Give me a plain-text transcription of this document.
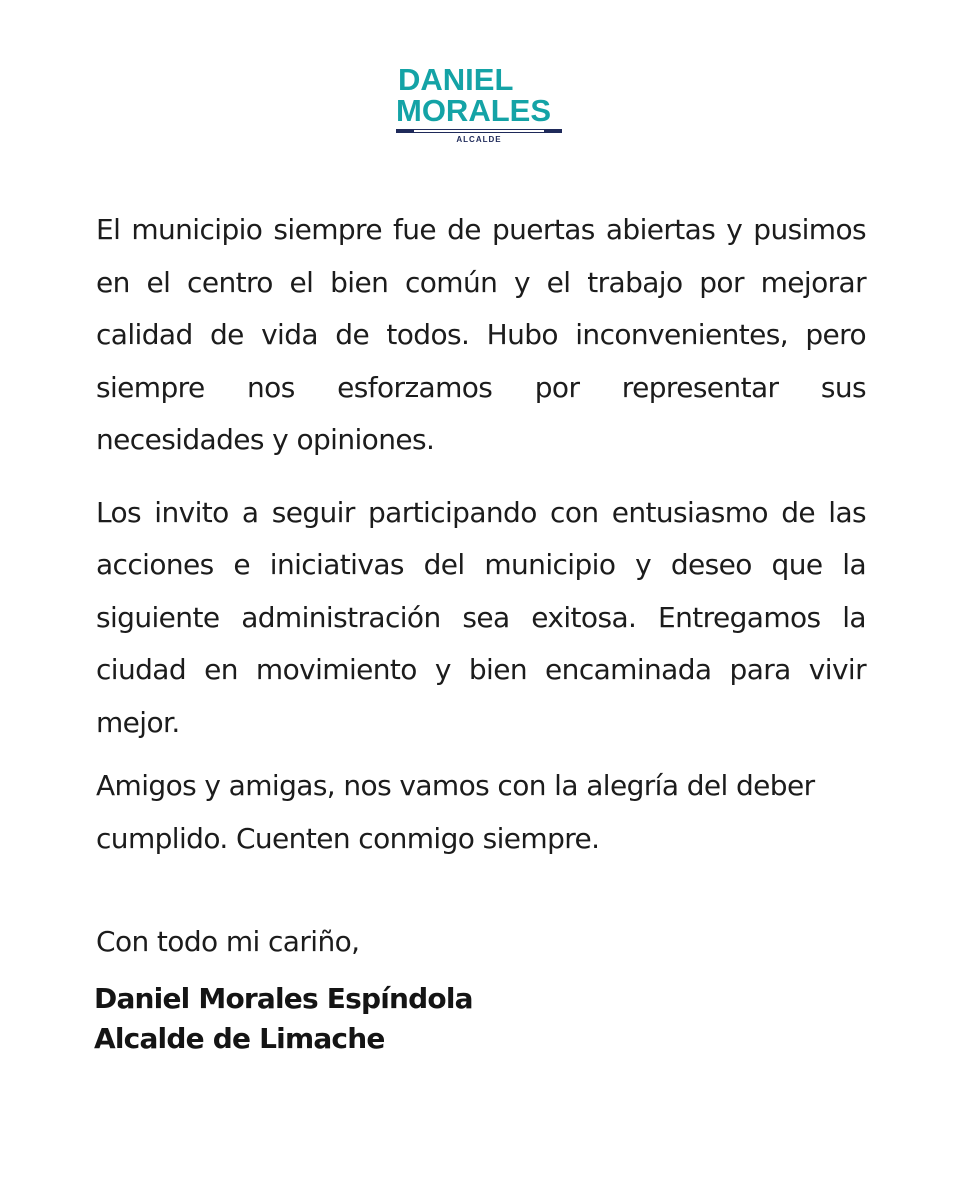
DANIEL
MORALES
ALCALDE

El municipio siempre fue de puertas abiertas y pusimos en el centro el bien común y el trabajo por mejorar calidad de vida de todos. Hubo inconvenientes, pero siempre nos esforzamos por representar sus necesidades y opiniones.

Los invito a seguir participando con entusiasmo de las acciones e iniciativas del municipio y deseo que la siguiente administración sea exitosa. Entregamos la ciudad en movimiento y bien encaminada para vivir mejor.

Amigos y amigas, nos vamos con la alegría del deber cumplido. Cuenten conmigo siempre.

Con todo mi cariño,
Daniel Morales Espíndola
Alcalde de Limache
